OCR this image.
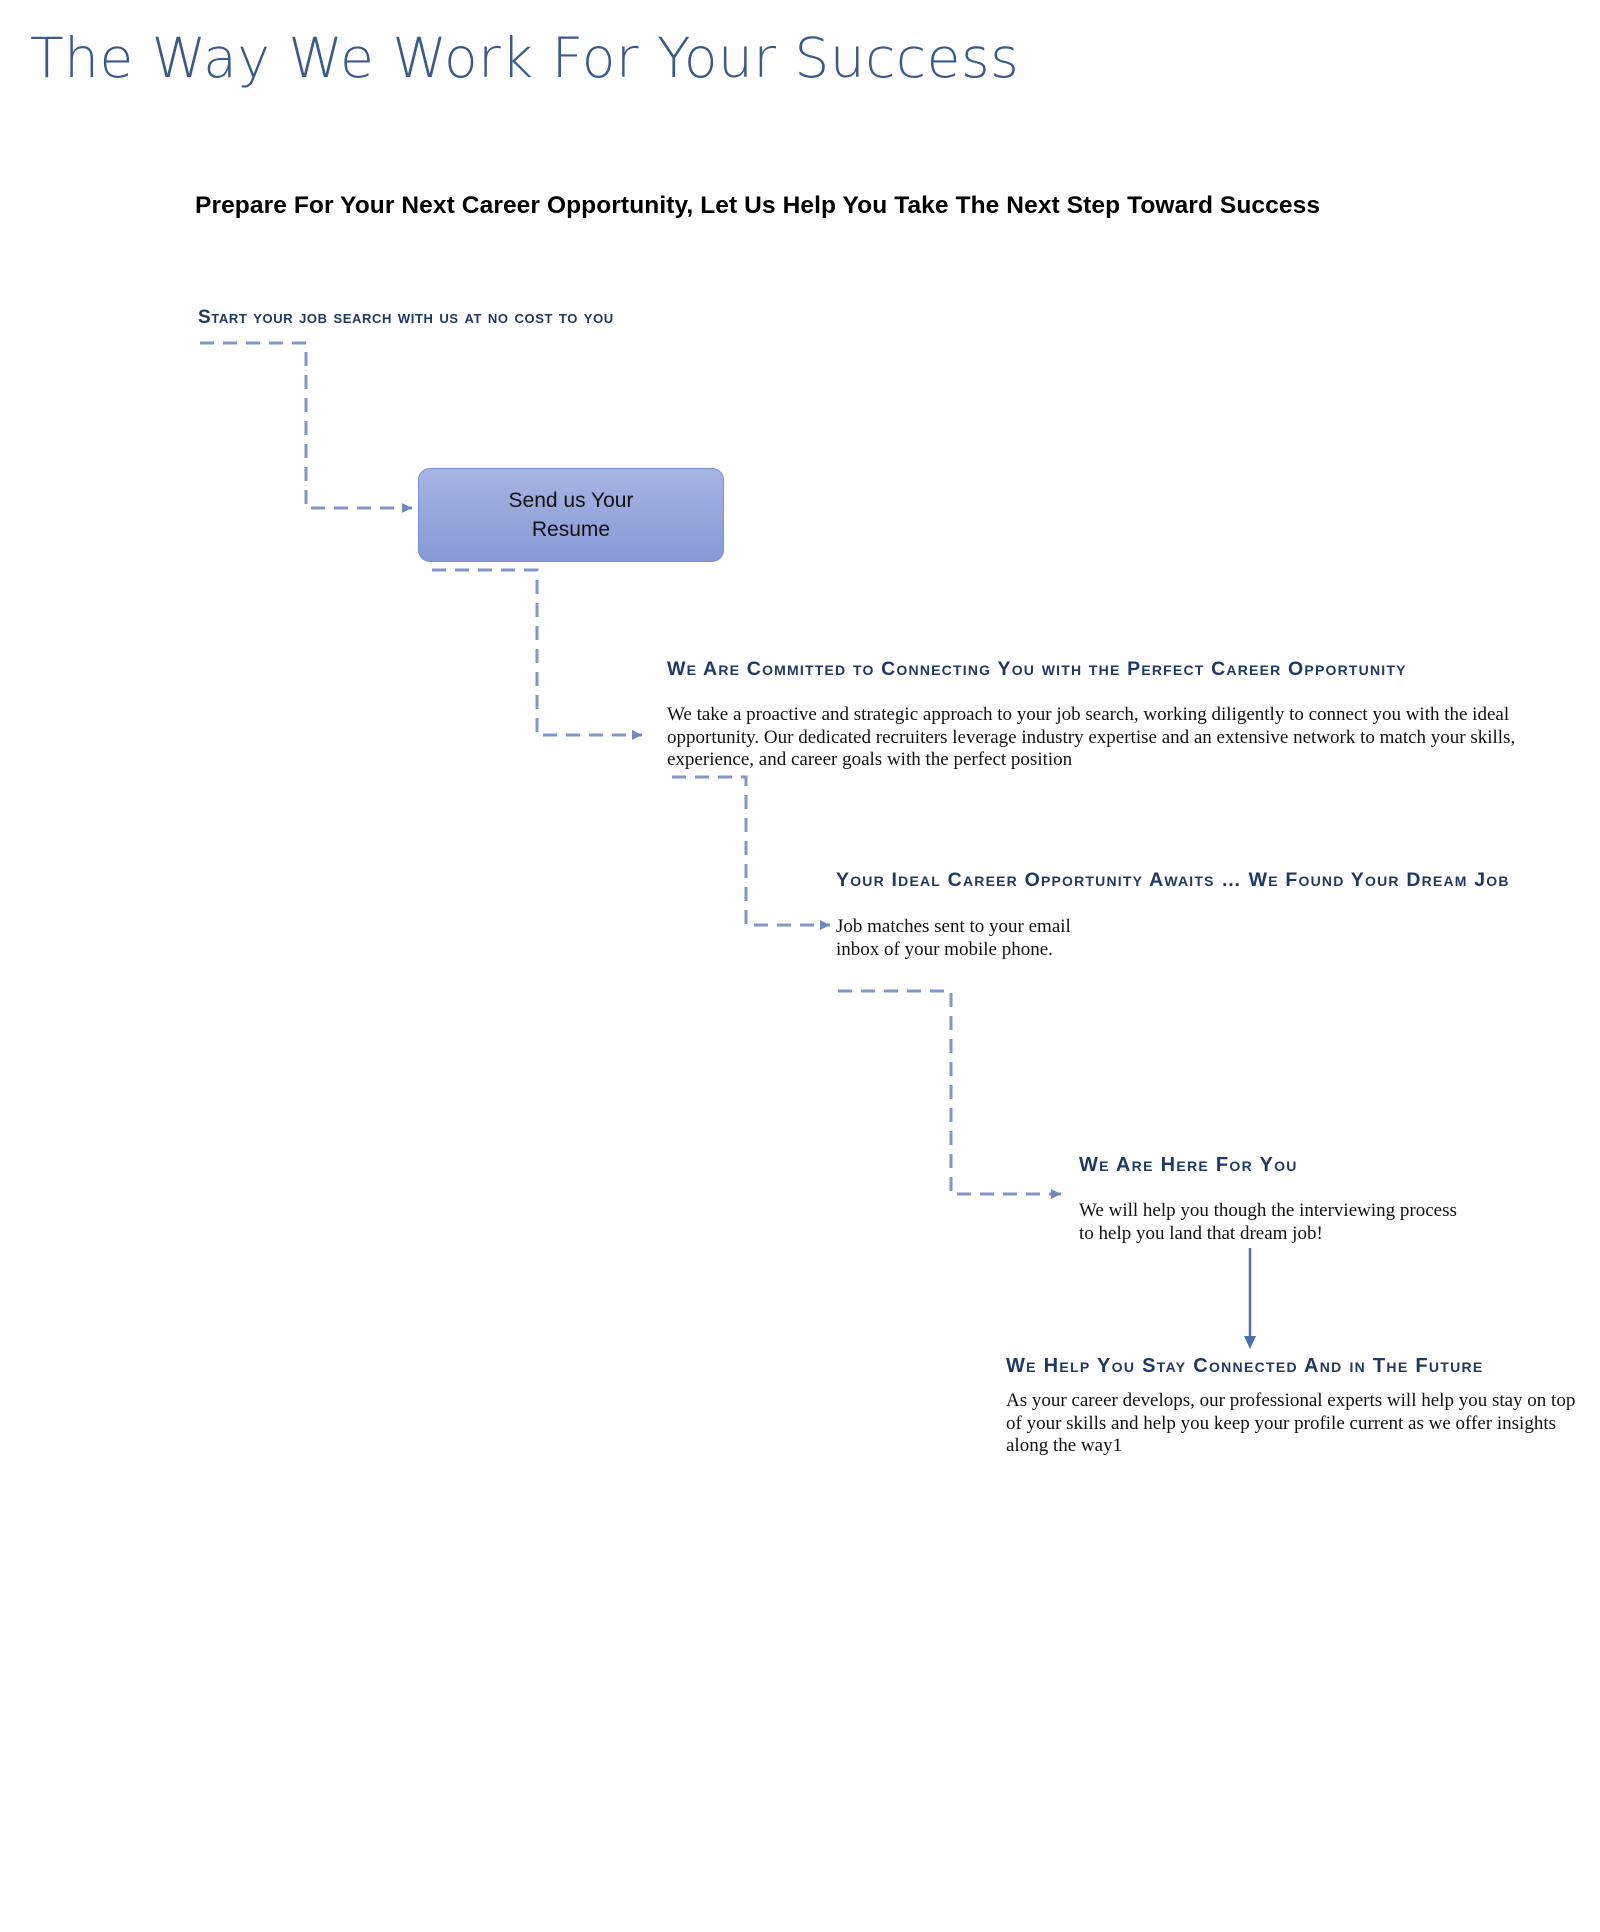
The Way We Work For Your Success
Prepare For Your Next Career Opportunity, Let Us Help You Take The Next Step Toward Success
Start your job search with us at no cost to you
Send us Your Resume
We Are Committed to Connecting You with the Perfect Career Opportunity
We take a proactive and strategic approach to your job search, working diligently to connect you with the ideal opportunity. Our dedicated recruiters leverage industry expertise and an extensive network to match your skills, experience, and career goals with the perfect position
Your Ideal Career Opportunity Awaits … We Found Your Dream Job
Job matches sent to your email inbox of your mobile phone.
We Are Here For You
We will help you though the interviewing process to help you land that dream job!
We Help You Stay Connected And in The Future
As your career develops, our professional experts will help you stay on top of your skills and help you keep your profile current as we offer insights along the way1
